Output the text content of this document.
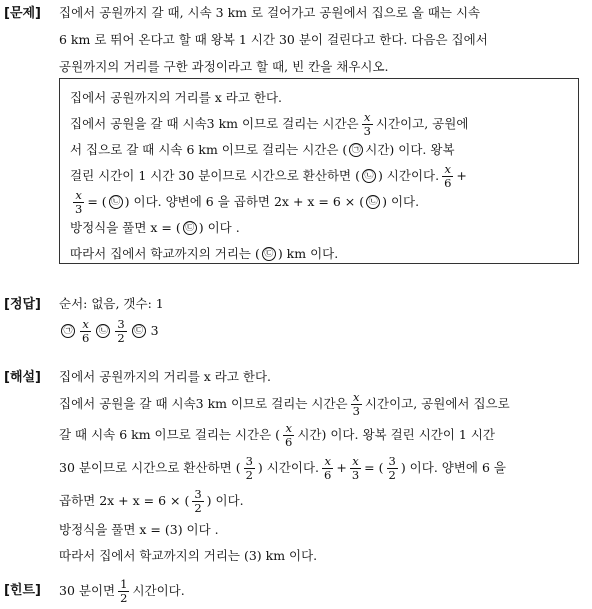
[문제] 집에서 공원까지 갈 때, 시속 3 km 로 걸어가고 공원에서 집으로 올 때는 시속
6 km 로 뛰어 온다고 할 때 왕복 1 시간 30 분이 걸린다고 한다. 다음은 집에서
공원까지의 거리를 구한 과정이라고 할 때, 빈 칸을 채우시오.
집에서 공원까지의 거리를 x 라고 한다.
집에서 공원을 갈 때 시속3 km 이므로 걸리는 시간은 $\frac{x}{3}$ 시간이고, 공원에
서 집으로 갈 때 시속 6 km 이므로 걸리는 시간은 ( ㉠ 시간) 이다. 왕복
걸린 시간이 1 시간 30 분이므로 시간으로 환산하면 ( ㉡ ) 시간이다. $\frac{x}{6}$ +
$\frac{x}{3}$ = ( ㉡ ) 이다. 양변에 6 을 곱하면 2x + x = 6 × ( ㉡ ) 이다.
방정식을 풀면 x = ( ㉢ ) 이다 .
따라서 집에서 학교까지의 거리는 ( ㉢ ) km 이다.
[정답] 순서: 없음, 갯수: 1
㉠ $\frac{x}{6}$ ㉡ $\frac{3}{2}$ ㉢ 3
[해설] 집에서 공원까지의 거리를 x 라고 한다.
집에서 공원을 갈 때 시속3 km 이므로 걸리는 시간은 $\frac{x}{3}$ 시간이고, 공원에서 집으로
갈 때 시속 6 km 이므로 걸리는 시간은 ( $\frac{x}{6}$ 시간) 이다. 왕복 걸린 시간이 1 시간
30 분이므로 시간으로 환산하면 ( $\frac{3}{2}$ ) 시간이다. $\frac{x}{6} + \frac{x}{3}$ = ( $\frac{3}{2}$ ) 이다. 양변에 6 을
곱하면 2x + x = 6 × ( $\frac{3}{2}$ ) 이다.
방정식을 풀면 x = (3) 이다 .
따라서 집에서 학교까지의 거리는 (3) km 이다.
[힌트] 30 분이면 $\frac{1}{2}$ 시간이다.
